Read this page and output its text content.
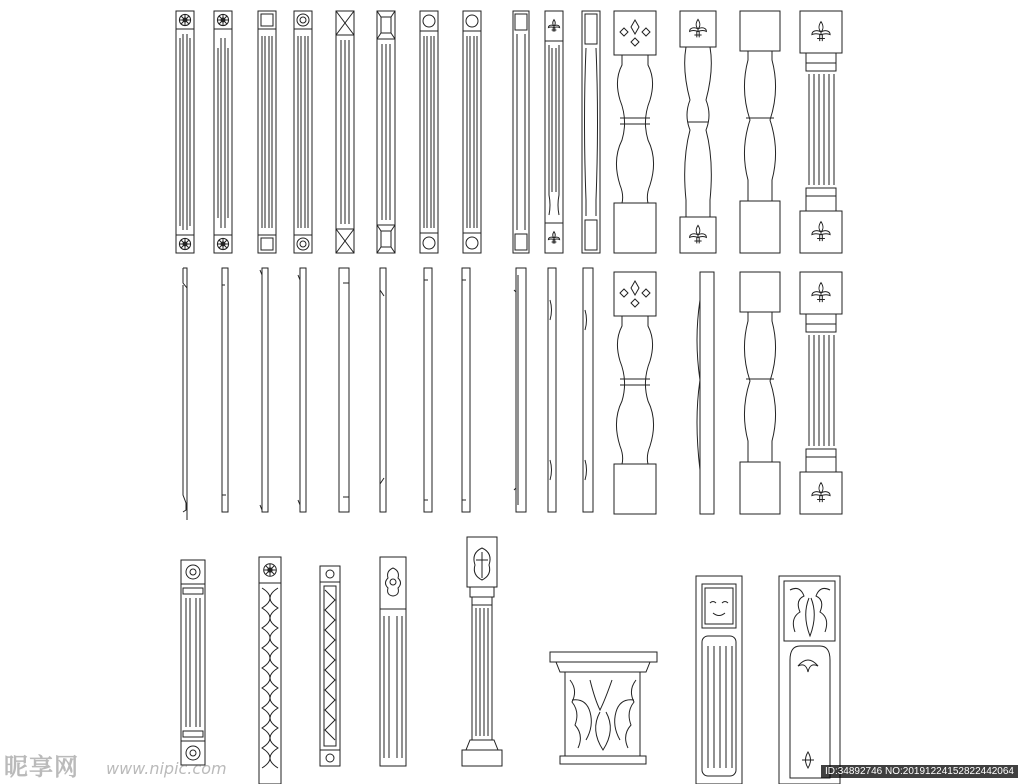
昵享网 www.nipic.com	ID:34892746 NO:20191224152822442064
